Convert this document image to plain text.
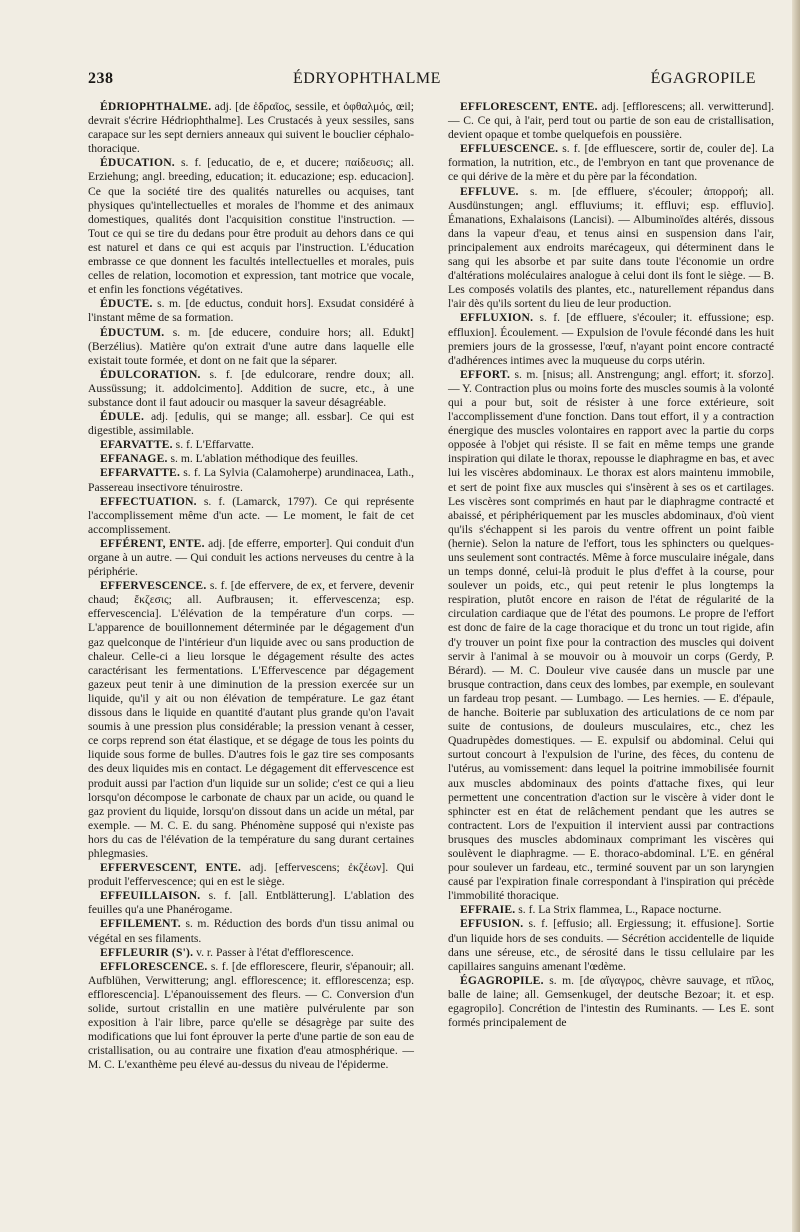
238	ÉDRYOPHTHALME	ÉGAGROPILE

ÉDRIOPHTHALME. adj. [de ἑδραῖος, sessile, et ὀφθαλμός, œil; devrait s'écrire Hédriophthalme]. Les Crustacés à yeux sessiles, sans carapace sur les sept derniers anneaux qui suivent le bouclier céphalo-thoracique.

ÉDUCATION. s. f. [educatio, de e, et ducere; παίδευσις; all. Erziehung; angl. breeding, education; it. educazione; esp. educacion]. Ce que la société tire des qualités naturelles ou acquises, tant physiques qu'intellectuelles et morales de l'homme et des animaux domestiques, qualités dont l'acquisition constitue l'instruction. — Tout ce qui se tire du dedans pour être produit au dehors dans ce qui est naturel et dans ce qui est acquis par l'instruction. L'éducation embrasse ce que donnent les facultés intellectuelles et morales, puis celles de relation, locomotion et expression, tant motrice que vocale, et enfin les fonctions végétatives.

ÉDUCTE. s. m. [de eductus, conduit hors]. Exsudat considéré à l'instant même de sa formation.

ÉDUCTUM. s. m. [de educere, conduire hors; all. Edukt] (Berzélius). Matière qu'on extrait d'une autre dans laquelle elle existait toute formée, et dont on ne fait que la séparer.

ÉDULCORATION. s. f. [de edulcorare, rendre doux; all. Aussüssung; it. addolcimento]. Addition de sucre, etc., à une substance dont il faut adoucir ou masquer la saveur désagréable.

ÉDULE. adj. [edulis, qui se mange; all. essbar]. Ce qui est digestible, assimilable.

EFARVATTE. s. f. L'Effarvatte.

EFFANAGE. s. m. L'ablation méthodique des feuilles.

EFFARVATTE. s. f. La Sylvia (Calamoherpe) arundinacea, Lath., Passereau insectivore ténuirostre.

EFFECTUATION. s. f. (Lamarck, 1797). Ce qui représente l'accomplissement même d'un acte. — Le moment, le fait de cet accomplissement.

EFFÉRENT, ENTE. adj. [de efferre, emporter]. Qui conduit d'un organe à un autre. — Qui conduit les actions nerveuses du centre à la périphérie.

EFFERVESCENCE. s. f. [de effervere, de ex, et fervere, devenir chaud; ἔκζεσις; all. Aufbrausen; it. effervescenza; esp. effervescencia]. L'élévation de la température d'un corps. — L'apparence de bouillonnement déterminée par le dégagement d'un gaz quelconque de l'intérieur d'un liquide avec ou sans production de chaleur. Celle-ci a lieu lorsque le dégagement résulte des actes caractérisant les fermentations. L'Effervescence par dégagement gazeux peut tenir à une diminution de la pression exercée sur un liquide, qu'il y ait ou non élévation de température. Le gaz étant dissous dans le liquide en quantité d'autant plus grande qu'on l'avait soumis à une pression plus considérable; la pression venant à cesser, ce corps reprend son état élastique, et se dégage de tous les points du liquide sous forme de bulles. D'autres fois le gaz tire ses composants des deux liquides mis en contact. Le dégagement dit effervescence est produit aussi par l'action d'un liquide sur un solide; c'est ce qui a lieu lorsqu'on décompose le carbonate de chaux par un acide, ou quand le gaz provient du liquide, lorsqu'on dissout dans un acide un métal, par exemple. — M. C. E. du sang. Phénomène supposé qui n'existe pas hors du cas de l'élévation de la température du sang durant certaines phlegmasies.

EFFERVESCENT, ENTE. adj. [effervescens; ἐκζέων]. Qui produit l'effervescence; qui en est le siège.

EFFEUILLAISON. s. f. [all. Entblätterung]. L'ablation des feuilles qu'a une Phanérogame.

EFFILEMENT. s. m. Réduction des bords d'un tissu animal ou végétal en ses filaments.

EFFLEURIR (S'). v. r. Passer à l'état d'efflorescence.

EFFLORESCENCE. s. f. [de efflorescere, fleurir, s'épanouir; all. Aufblühen, Verwitterung; angl. efflorescence; it. efflorescenza; esp. efflorescencia]. L'épanouissement des fleurs. — C. Conversion d'un solide, surtout cristallin en une matière pulvérulente par son exposition à l'air libre, parce qu'elle se désagrège par suite des modifications que lui font éprouver la perte d'une partie de son eau de cristallisation, ou au contraire une fixation d'eau atmosphérique. — M. C. L'exanthème peu élevé au-dessus du niveau de l'épiderme.

EFFLORESCENT, ENTE. adj. [efflorescens; all. verwitterund]. — C. Ce qui, à l'air, perd tout ou partie de son eau de cristallisation, devient opaque et tombe quelquefois en poussière.

EFFLUESCENCE. s. f. [de effluescere, sortir de, couler de]. La formation, la nutrition, etc., de l'embryon en tant que provenance de ce qui dérive de la mère et du père par la fécondation.

EFFLUVE. s. m. [de effluere, s'écouler; ἀπορροή; all. Ausdünstungen; angl. effluviums; it. effluvi; esp. effluvio]. Émanations, Exhalaisons (Lancisi). — Albuminoïdes altérés, dissous dans la vapeur d'eau, et tenus ainsi en suspension dans l'air, principalement aux endroits marécageux, qui déterminent dans le sang qui les absorbe et par suite dans toute l'économie un ordre d'altérations moléculaires analogue à celui dont ils font le siège. — B. Les composés volatils des plantes, etc., naturellement répandus dans l'air dès qu'ils sortent du lieu de leur production.

EFFLUXION. s. f. [de effluere, s'écouler; it. effussione; esp. effluxion]. Écoulement. — Expulsion de l'ovule fécondé dans les huit premiers jours de la grossesse, l'œuf, n'ayant point encore contracté d'adhérences intimes avec la muqueuse du corps utérin.

EFFORT. s. m. [nisus; all. Anstrengung; angl. effort; it. sforzo]. — Y. Contraction plus ou moins forte des muscles soumis à la volonté qui a pour but, soit de résister à une force extérieure, soit l'accomplissement d'une fonction. Dans tout effort, il y a contraction énergique des muscles volontaires en rapport avec la partie du corps opposée à l'objet qui résiste. Il se fait en même temps une grande inspiration qui dilate le thorax, repousse le diaphragme en bas, et avec lui les viscères abdominaux. Le thorax est alors maintenu immobile, et sert de point fixe aux muscles qui s'insèrent à ses os et cartilages. Les viscères sont comprimés en haut par le diaphragme contracté et abaissé, et périphériquement par les muscles abdominaux, d'où vient qu'ils s'échappent si les parois du ventre offrent un point faible (hernie). Selon la nature de l'effort, tous les sphincters ou quelques-uns seulement sont contractés. Même à force musculaire inégale, dans un temps donné, celui-là produit le plus d'effet à la course, pour soulever un poids, etc., qui peut retenir le plus longtemps la respiration, plutôt encore en raison de l'état de régularité de la circulation cardiaque que de l'état des poumons. Le propre de l'effort est donc de faire de la cage thoracique et du tronc un tout rigide, afin d'y trouver un point fixe pour la contraction des muscles qui doivent servir à l'animal à se mouvoir ou à mouvoir un corps (Gerdy, P. Bérard). — M. C. Douleur vive causée dans un muscle par une brusque contraction, dans ceux des lombes, par exemple, en soulevant un fardeau trop pesant. — Lumbago. — Les hernies. — E. d'épaule, de hanche. Boiterie par subluxation des articulations de ce nom par suite de contusions, de douleurs musculaires, etc., chez les Quadrupèdes domestiques. — E. expulsif ou abdominal. Celui qui surtout concourt à l'expulsion de l'urine, des fèces, du contenu de l'utérus, au vomissement: dans lequel la poitrine immobilisée fournit aux muscles abdominaux des points d'attache fixes, qui leur permettent une concentration d'action sur le viscère à vider dont le sphincter est en état de relâchement pendant que les autres se contractent. Lors de l'expuition il intervient aussi par contractions brusques des muscles abdominaux comprimant les viscères qui soulèvent le diaphragme. — E. thoraco-abdominal. L'E. en général pour soulever un fardeau, etc., terminé souvent par un son laryngien causé par l'expiration finale correspondant à l'inspiration qui précède l'immobilité thoracique.

EFFRAIE. s. f. La Strix flammea, L., Rapace nocturne.

EFFUSION. s. f. [effusio; all. Ergiessung; it. effusione]. Sortie d'un liquide hors de ses conduits. — Sécrétion accidentelle de liquide dans une séreuse, etc., de sérosité dans le tissu cellulaire par les capillaires sanguins amenant l'œdème.

ÉGAGROPILE. s. m. [de αἴγαγρος, chèvre sauvage, et πῖλος, balle de laine; all. Gemsenkugel, der deutsche Bezoar; it. et esp. egagropilo]. Concrétion de l'intestin des Ruminants. — Les E. sont formés principalement de
